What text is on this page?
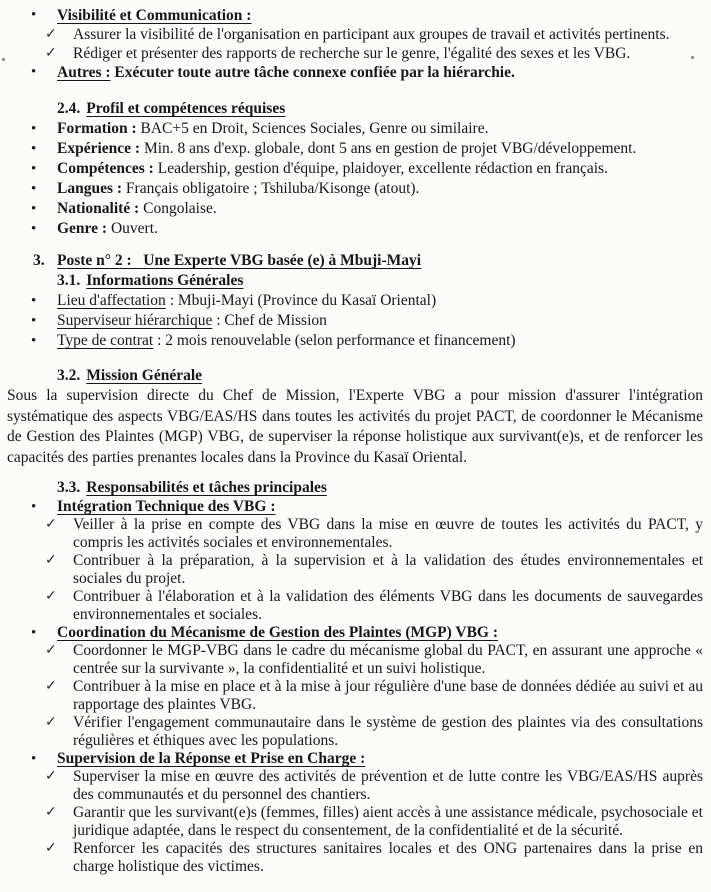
•	Visibilité et Communication :
✓	Assurer la visibilité de l'organisation en participant aux groupes de travail et activités pertinents.
✓	Rédiger et présenter des rapports de recherche sur le genre, l'égalité des sexes et les VBG.
•	Autres : Exécuter toute autre tâche connexe confiée par la hiérarchie.
2.4. Profil et compétences réquises
•	Formation : BAC+5 en Droit, Sciences Sociales, Genre ou similaire.
•	Expérience : Min. 8 ans d'exp. globale, dont 5 ans en gestion de projet VBG/développement.
•	Compétences : Leadership, gestion d'équipe, plaidoyer, excellente rédaction en français.
•	Langues : Français obligatoire ; Tshiluba/Kisonge (atout).
•	Nationalité : Congolaise.
•	Genre : Ouvert.
3. Poste n° 2 :   Une Experte VBG basée (e) à Mbuji-Mayi
3.1. Informations Générales
•	Lieu d'affectation : Mbuji-Mayi (Province du Kasaï Oriental)
•	Superviseur hiérarchique : Chef de Mission
•	Type de contrat : 2 mois renouvelable (selon performance et financement)
3.2. Mission Générale

Sous la supervision directe du Chef de Mission, l'Experte VBG a pour mission d'assurer l'intégration systématique des aspects VBG/EAS/HS dans toutes les activités du projet PACT, de coordonner le Mécanisme de Gestion des Plaintes (MGP) VBG, de superviser la réponse holistique aux survivant(e)s, et de renforcer les capacités des parties prenantes locales dans la Province du Kasaï Oriental.

3.3. Responsabilités et tâches principales
•	Intégration Technique des VBG :
✓	Veiller à la prise en compte des VBG dans la mise en œuvre de toutes les activités du PACT, y compris les activités sociales et environnementales.
✓	Contribuer à la préparation, à la supervision et à la validation des études environnementales et sociales du projet.
✓	Contribuer à l'élaboration et à la validation des éléments VBG dans les documents de sauvegardes environnementales et sociales.
•	Coordination du Mécanisme de Gestion des Plaintes (MGP) VBG :
✓	Coordonner le MGP-VBG dans le cadre du mécanisme global du PACT, en assurant une approche « centrée sur la survivante », la confidentialité et un suivi holistique.
✓	Contribuer à la mise en place et à la mise à jour régulière d'une base de données dédiée au suivi et au rapportage des plaintes VBG.
✓	Vérifier l'engagement communautaire dans le système de gestion des plaintes via des consultations régulières et éthiques avec les populations.
•	Supervision de la Réponse et Prise en Charge :
✓	Superviser la mise en œuvre des activités de prévention et de lutte contre les VBG/EAS/HS auprès des communautés et du personnel des chantiers.
✓	Garantir que les survivant(e)s (femmes, filles) aient accès à une assistance médicale, psychosociale et juridique adaptée, dans le respect du consentement, de la confidentialité et de la sécurité.
✓	Renforcer les capacités des structures sanitaires locales et des ONG partenaires dans la prise en charge holistique des victimes.
